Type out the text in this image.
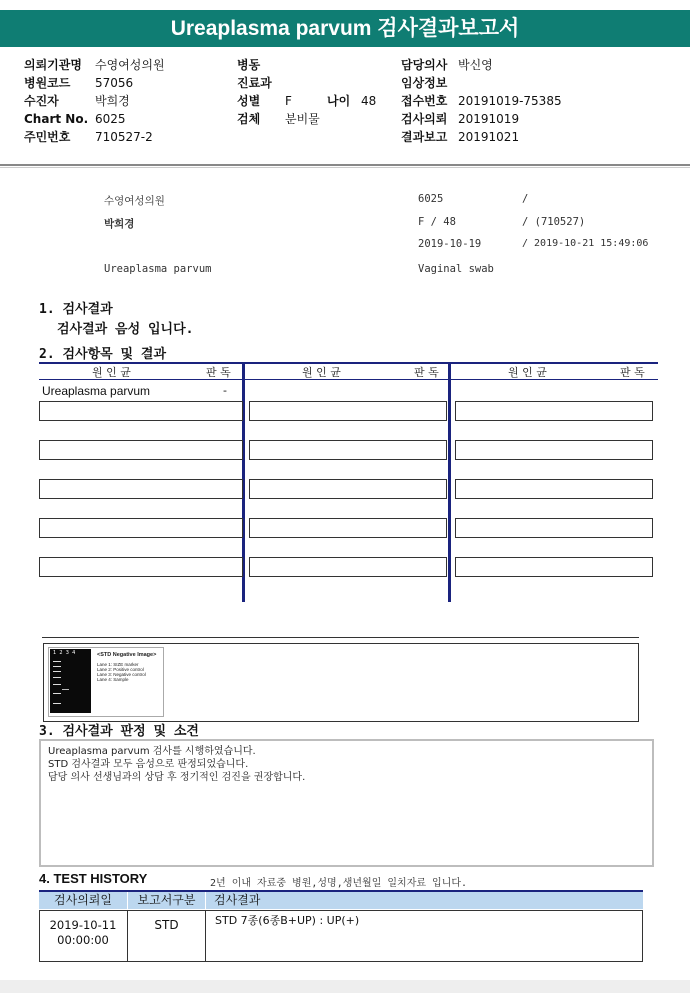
Ureaplasma parvum 검사결과보고서
의뢰기관명 수영여성의원
병원코드 57056
수진자	박희경
Chart No. 6025
주민번호 710527-2
병동
진료과
성별 F	나이 48
검체 분비물
담당의사 박신영
임상정보
접수번호 20191019-75385
검사의뢰 20191019
결과보고 20191021
수영여성의원	6025	/
박희경	F / 48	/ (710527)
2019-10-19	/ 2019-10-21 15:49:06
Ureaplasma parvum	Vaginal swab
1. 검사결과
검사결과 음성 입니다.
2. 검사항목 및 결과
원 인 균	판 독	원 인 균	판 독	원 인 균	판 독
Ureaplasma parvum	-
1  2  3  4	<STD Negative Image>
Lane 1: SIZE marker
Lane 2: Positive control
Lane 3: Negative control
Lane 4: Sample
3. 검사결과 판정 및 소견
Ureaplasma parvum 검사를 시행하였습니다.
STD 검사결과 모두 음성으로 판정되었습니다.
담당 의사 선생님과의 상담 후 정기적인 검진을 권장합니다.
4. TEST HISTORY	2년 이내 자료중 병원,성명,생년월일 일치자료 입니다.
검사의뢰일	보고서구분	검사결과
2019-10-11
00:00:00
STD	STD 7종(6종B+UP) : UP(+)
